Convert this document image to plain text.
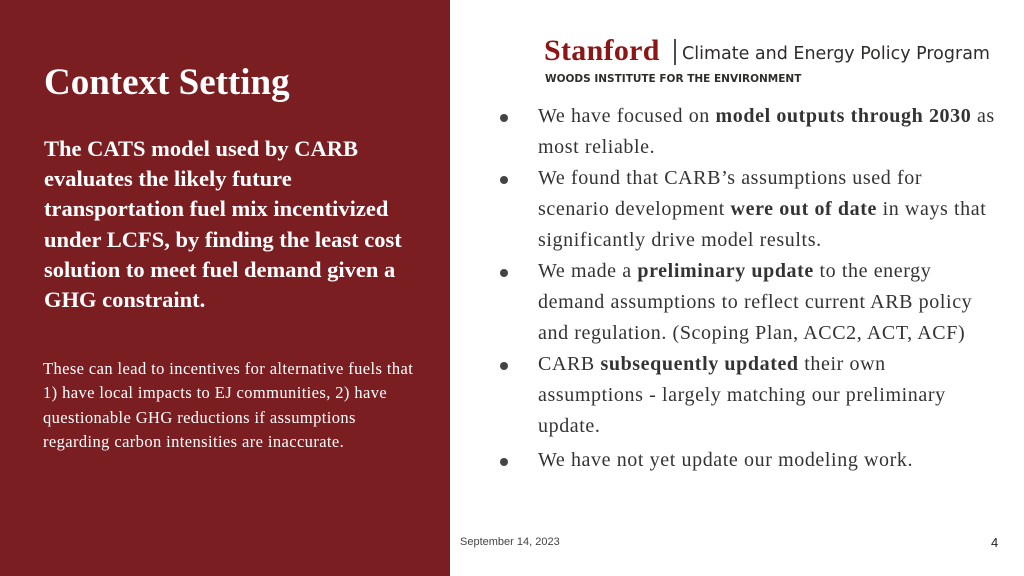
Context Setting

The CATS model used by CARB evaluates the likely future transportation fuel mix incentivized under LCFS, by finding the least cost solution to meet fuel demand given a GHG constraint.

These can lead to incentives for alternative fuels that 1) have local impacts to EJ communities, 2) have questionable GHG reductions if assumptions regarding carbon intensities are inaccurate.

Stanford Climate and Energy Policy Program
WOODS INSTITUTE FOR THE ENVIRONMENT
We have focused on model outputs through 2030 as most reliable.
We found that CARB’s assumptions used for scenario development were out of date in ways that significantly drive model results.
We made a preliminary update to the energy demand assumptions to reflect current ARB policy and regulation. (Scoping Plan, ACC2, ACT, ACF)
CARB subsequently updated their own assumptions - largely matching our preliminary update.
We have not yet update our modeling work.
September 14, 2023	4
